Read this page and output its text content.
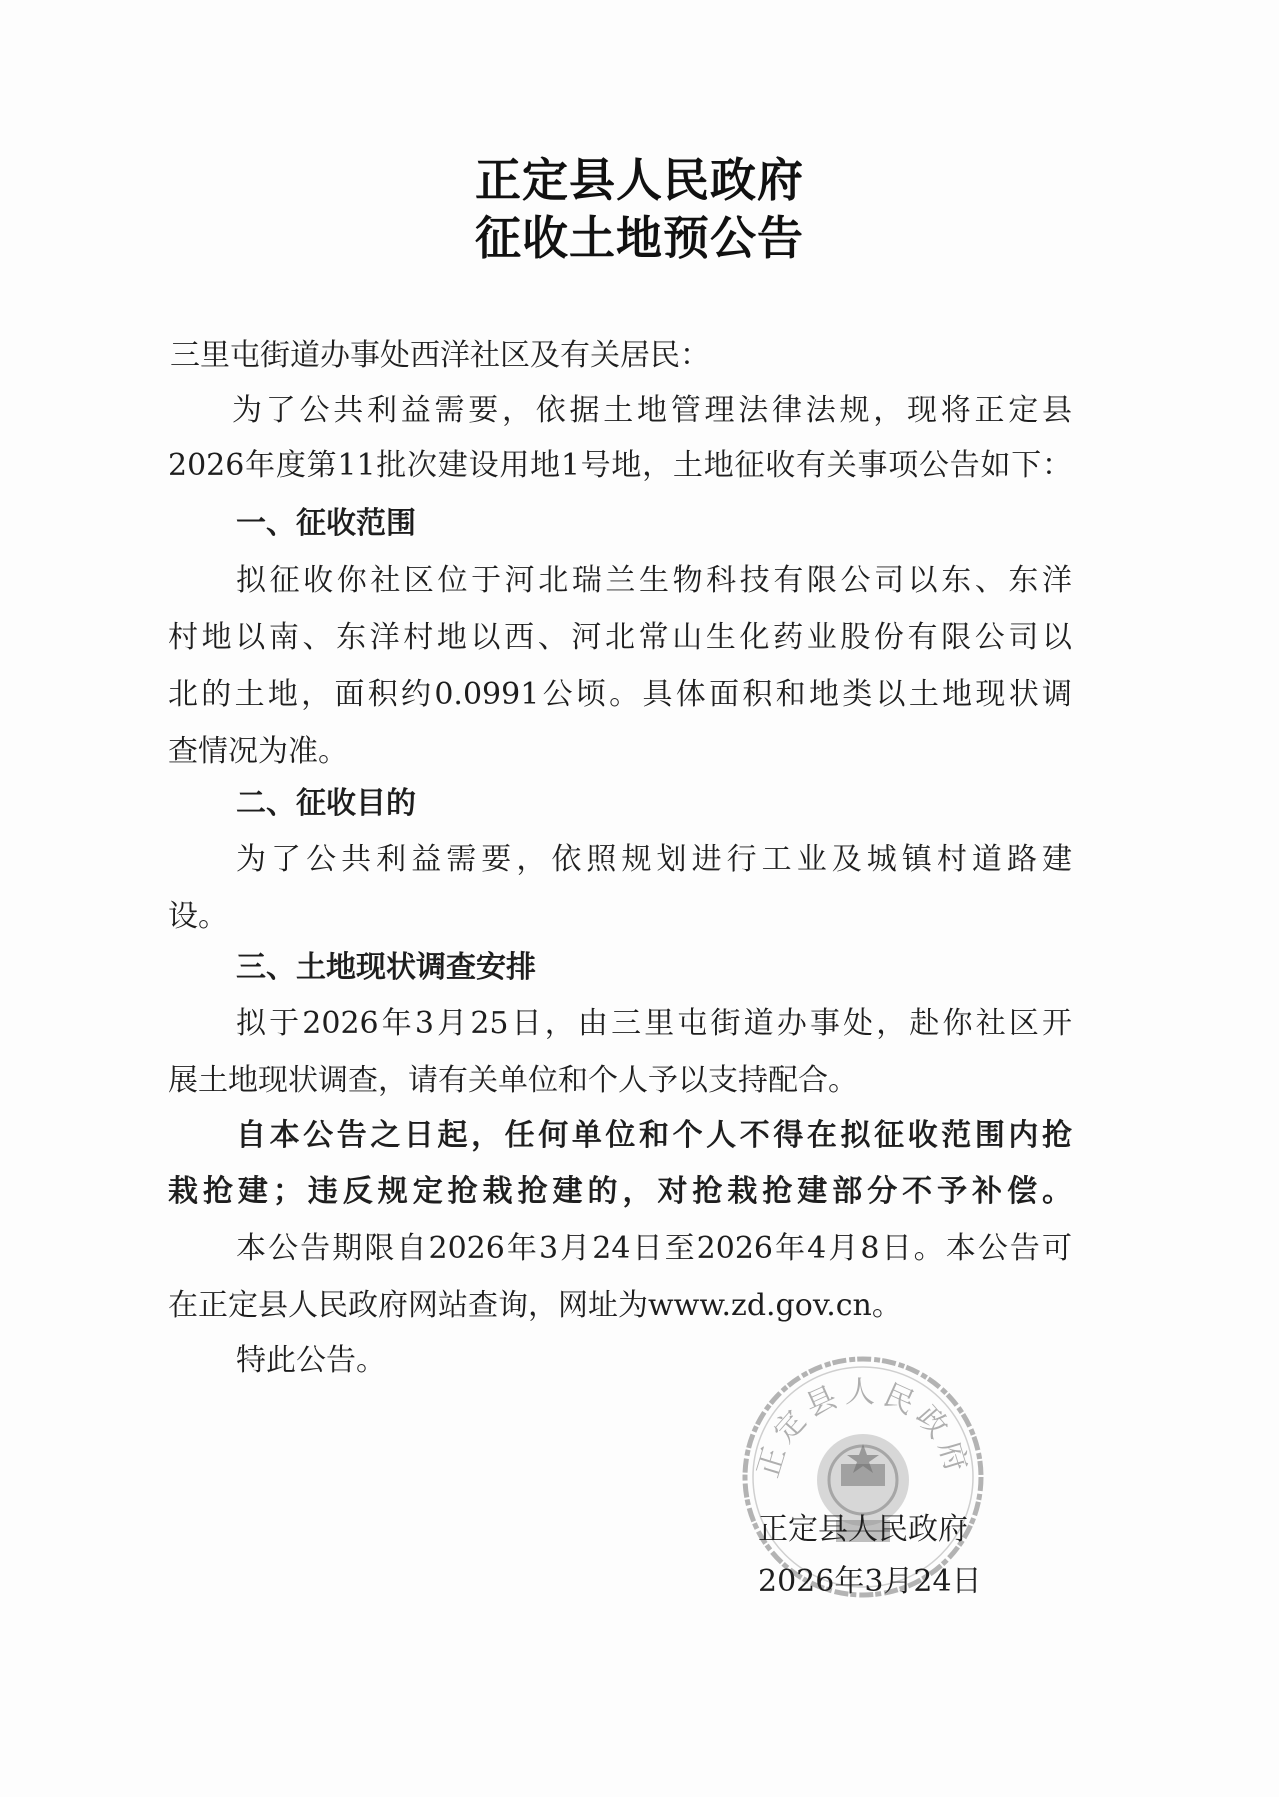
正定县人民政府
征收土地预公告
三里屯街道办事处西洋社区及有关居民：
为了公共利益需要，依据土地管理法律法规，现将正定县
2026年度第11批次建设用地1号地，土地征收有关事项公告如下：
一、征收范围
拟征收你社区位于河北瑞兰生物科技有限公司以东、东洋
村地以南、东洋村地以西、河北常山生化药业股份有限公司以
北的土地，面积约0.0991公顷。具体面积和地类以土地现状调
查情况为准。
二、征收目的
为了公共利益需要，依照规划进行工业及城镇村道路建
设。
三、土地现状调查安排
拟于2026年3月25日，由三里屯街道办事处，赴你社区开
展土地现状调查，请有关单位和个人予以支持配合。
自本公告之日起，任何单位和个人不得在拟征收范围内抢
栽抢建；违反规定抢栽抢建的，对抢栽抢建部分不予补偿。
本公告期限自2026年3月24日至2026年4月8日。本公告可
在正定县人民政府网站查询，网址为www.zd.gov.cn。
特此公告。
正定县人民政府
正定县人民政府
2026年3月24日
